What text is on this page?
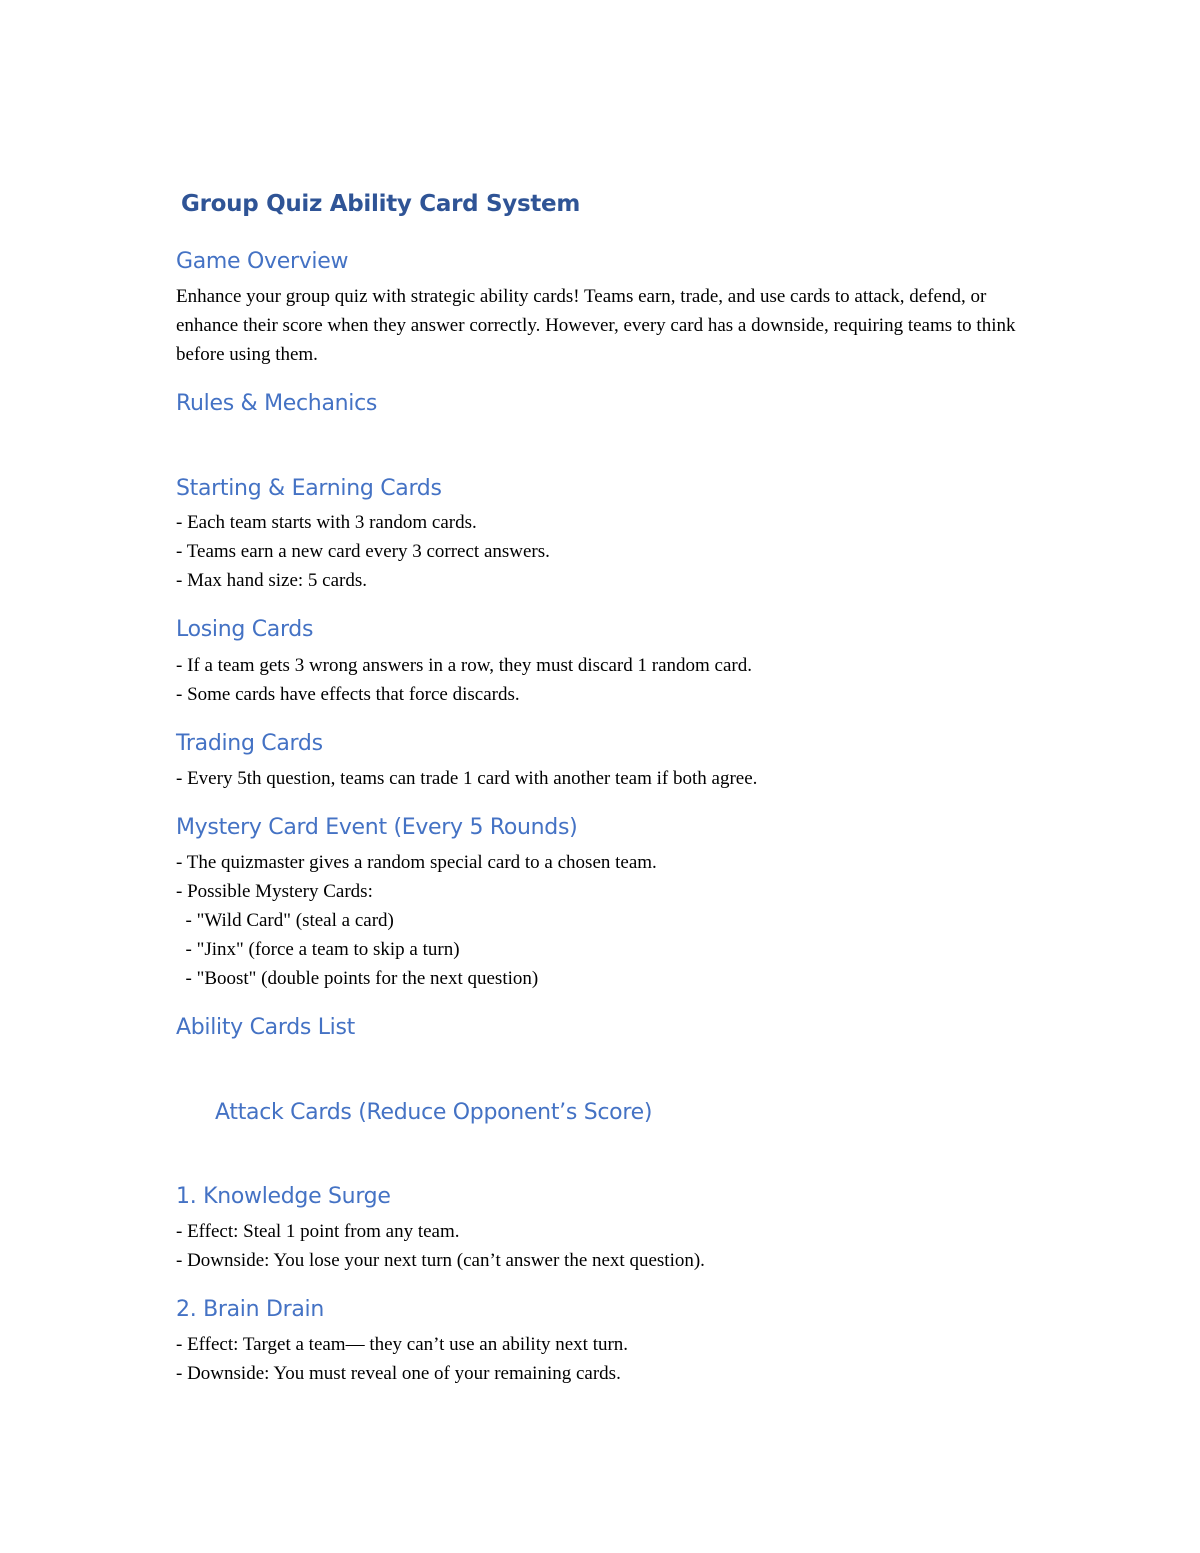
Group Quiz Ability Card System
Game Overview

Enhance your group quiz with strategic ability cards! Teams earn, trade, and use cards to attack, defend, or enhance their score when they answer correctly. However, every card has a downside, requiring teams to think before using them.

Rules & Mechanics
Starting & Earning Cards

- Each team starts with 3 random cards.

- Teams earn a new card every 3 correct answers.

- Max hand size: 5 cards.

Losing Cards

- If a team gets 3 wrong answers in a row, they must discard 1 random card.

- Some cards have effects that force discards.

Trading Cards

- Every 5th question, teams can trade 1 card with another team if both agree.

Mystery Card Event (Every 5 Rounds)

- The quizmaster gives a random special card to a chosen team.

- Possible Mystery Cards:

- "Wild Card" (steal a card)

- "Jinx" (force a team to skip a turn)

- "Boost" (double points for the next question)

Ability Cards List
Attack Cards (Reduce Opponent’s Score)
1. Knowledge Surge

- Effect: Steal 1 point from any team.

- Downside: You lose your next turn (can’t answer the next question).

2. Brain Drain

- Effect: Target a team— they can’t use an ability next turn.

- Downside: You must reveal one of your remaining cards.
